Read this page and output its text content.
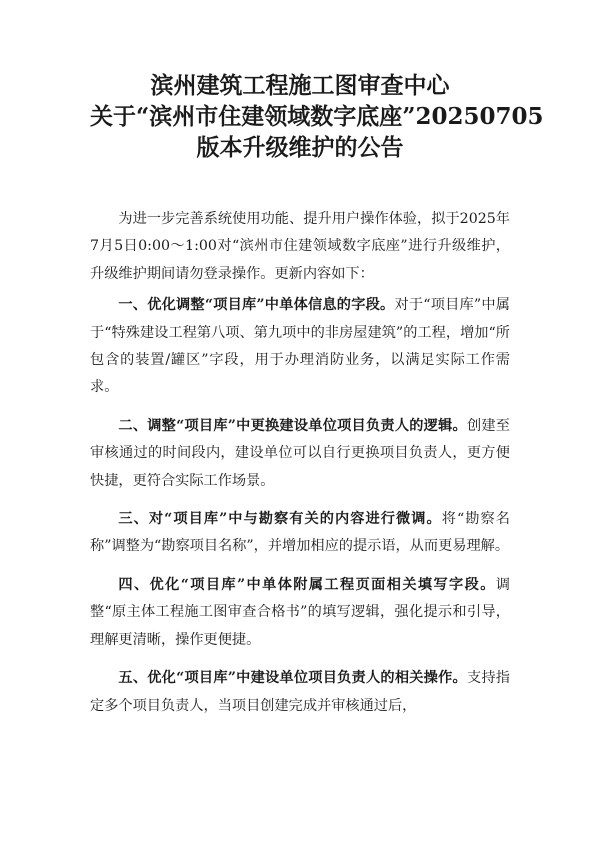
滨州建筑工程施工图审查中心

关于“滨州市住建领域数字底座”20250705

版本升级维护的公告

为进一步完善系统使用功能、提升用户操作体验，拟于2025年7月5日0:00～1:00对“滨州市住建领域数字底座”进行升级维护，升级维护期间请勿登录操作。更新内容如下：

一、优化调整“项目库”中单体信息的字段。对于“项目库”中属于“特殊建设工程第八项、第九项中的非房屋建筑”的工程，增加“所包含的装置/罐区”字段，用于办理消防业务，以满足实际工作需求。

二、调整“项目库”中更换建设单位项目负责人的逻辑。创建至审核通过的时间段内，建设单位可以自行更换项目负责人，更方便快捷，更符合实际工作场景。

三、对“项目库”中与勘察有关的内容进行微调。将“勘察名称”调整为“勘察项目名称”，并增加相应的提示语，从而更易理解。

四、优化“项目库”中单体附属工程页面相关填写字段。调整“原主体工程施工图审查合格书”的填写逻辑，强化提示和引导，理解更清晰，操作更便捷。

五、优化“项目库”中建设单位项目负责人的相关操作。支持指定多个项目负责人，当项目创建完成并审核通过后，
